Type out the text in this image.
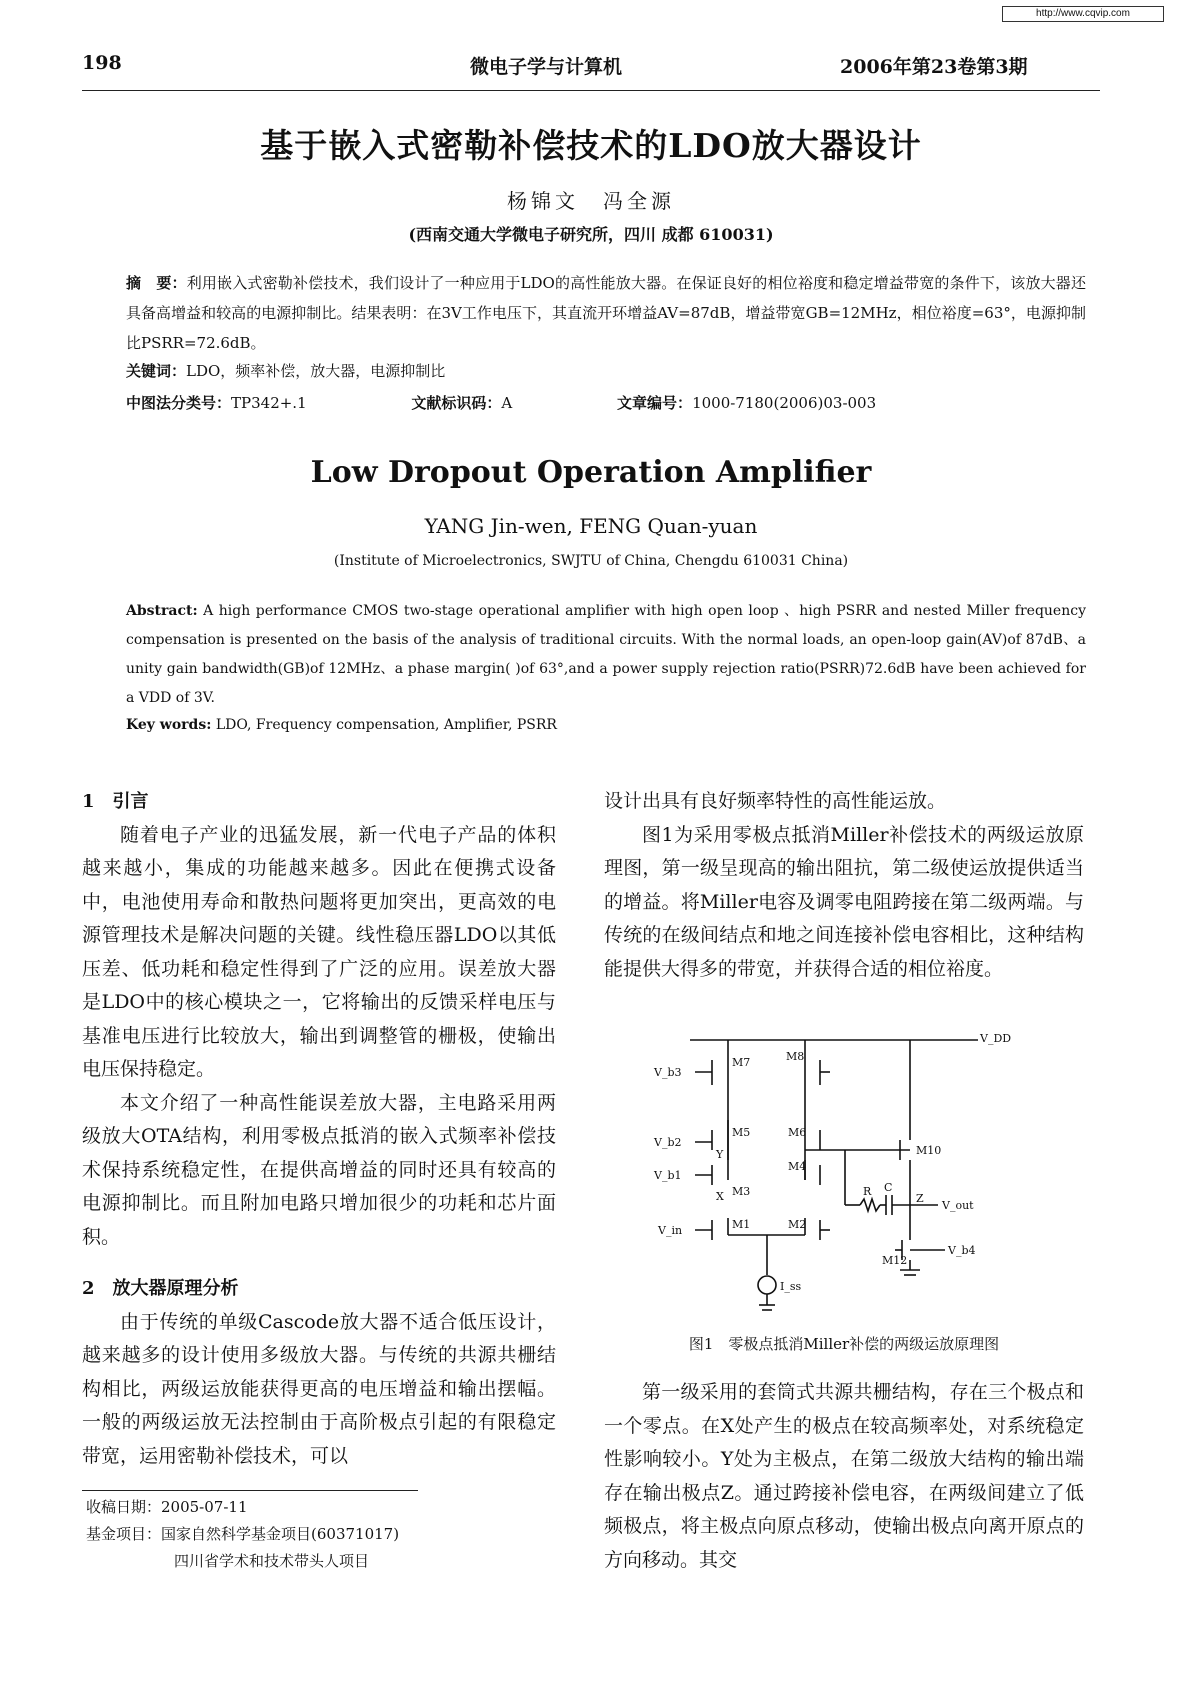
http://www.cqvip.com
198	微电子学与计算机	2006年第23卷第3期
基于嵌入式密勒补偿技术的LDO放大器设计
杨锦文　冯全源
(西南交通大学微电子研究所，四川 成都 610031)
摘　要：利用嵌入式密勒补偿技术，我们设计了一种应用于LDO的高性能放大器。在保证良好的相位裕度和稳定增益带宽的条件下，该放大器还具备高增益和较高的电源抑制比。结果表明：在3V工作电压下，其直流开环增益AV=87dB，增益带宽GB=12MHz，相位裕度=63°，电源抑制比PSRR=72.6dB。
关键词：LDO，频率补偿，放大器，电源抑制比
中图法分类号：TP342+.1	文献标识码：A	文章编号：1000-7180(2006)03-003
Low Dropout Operation Amplifier
YANG Jin-wen, FENG Quan-yuan
(Institute of Microelectronics, SWJTU of China, Chengdu 610031 China)
Abstract: A high performance CMOS two-stage operational amplifier with high open loop 、high PSRR and nested Miller frequency compensation is presented on the basis of the analysis of traditional circuits. With the normal loads, an open-loop gain(AV)of 87dB、a unity gain bandwidth(GB)of 12MHz、a phase margin( )of 63°,and a power supply rejection ratio(PSRR)72.6dB have been achieved for a VDD of 3V.
Key words: LDO, Frequency compensation, Amplifier, PSRR
1　引言

随着电子产业的迅猛发展，新一代电子产品的体积越来越小，集成的功能越来越多。因此在便携式设备中，电池使用寿命和散热问题将更加突出，更高效的电源管理技术是解决问题的关键。线性稳压器LDO以其低压差、低功耗和稳定性得到了广泛的应用。误差放大器是LDO中的核心模块之一，它将输出的反馈采样电压与基准电压进行比较放大，输出到调整管的栅极，使输出电压保持稳定。

本文介绍了一种高性能误差放大器，主电路采用两级放大OTA结构，利用零极点抵消的嵌入式频率补偿技术保持系统稳定性，在提供高增益的同时还具有较高的电源抑制比。而且附加电路只增加很少的功耗和芯片面积。

2　放大器原理分析

由于传统的单级Cascode放大器不适合低压设计，越来越多的设计使用多级放大器。与传统的共源共栅结构相比，两级运放能获得更高的电压增益和输出摆幅。一般的两级运放无法控制由于高阶极点引起的有限稳定带宽，运用密勒补偿技术，可以

收稿日期：2005-07-11
基金项目：国家自然科学基金项目(60371017)
四川省学术和技术带头人项目

设计出具有良好频率特性的高性能运放。

图1为采用零极点抵消Miller补偿技术的两级运放原理图，第一级呈现高的输出阻抗，第二级使运放提供适当的增益。将Miller电容及调零电阻跨接在第二级两端。与传统的在级间结点和地之间连接补偿电容相比，这种结构能提供大得多的带宽，并获得合适的相位裕度。

V_DD
V_b3
V_b2
V_b1
V_in
M7	M8
M5	M6
M4
M3
M1	M2
M10
M12
X
Y
Z
R C
V_out
V_b4
I_ss
图1　零极点抵消Miller补偿的两级运放原理图

第一级采用的套筒式共源共栅结构，存在三个极点和一个零点。在X处产生的极点在较高频率处，对系统稳定性影响较小。Y处为主极点，在第二级放大结构的输出端存在输出极点Z。通过跨接补偿电容，在两级间建立了低频极点，将主极点向原点移动，使输出极点向离开原点的方向移动。其交
